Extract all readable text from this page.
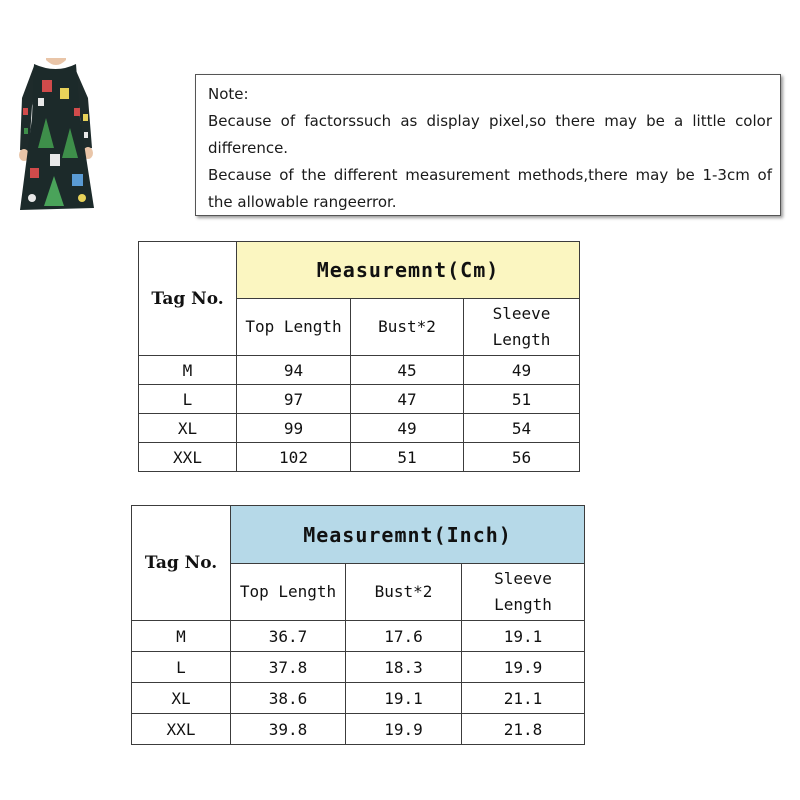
Note:

Because of factorssuch as display pixel,so there may be a little color difference.

Because of the different measurement methods,there may be 1-3cm of the allowable rangeerror.

Tag No.	Measuremnt(Cm)		
	Top Length	Bust*2	Sleeve Length
M	94	45	49
L	97	47	51
XL	99	49	54
XXL	102	51	56
Tag No.	Measuremnt(Inch)		
	Top Length	Bust*2	Sleeve Length
M	36.7	17.6	19.1
L	37.8	18.3	19.9
XL	38.6	19.1	21.1
XXL	39.8	19.9	21.8
